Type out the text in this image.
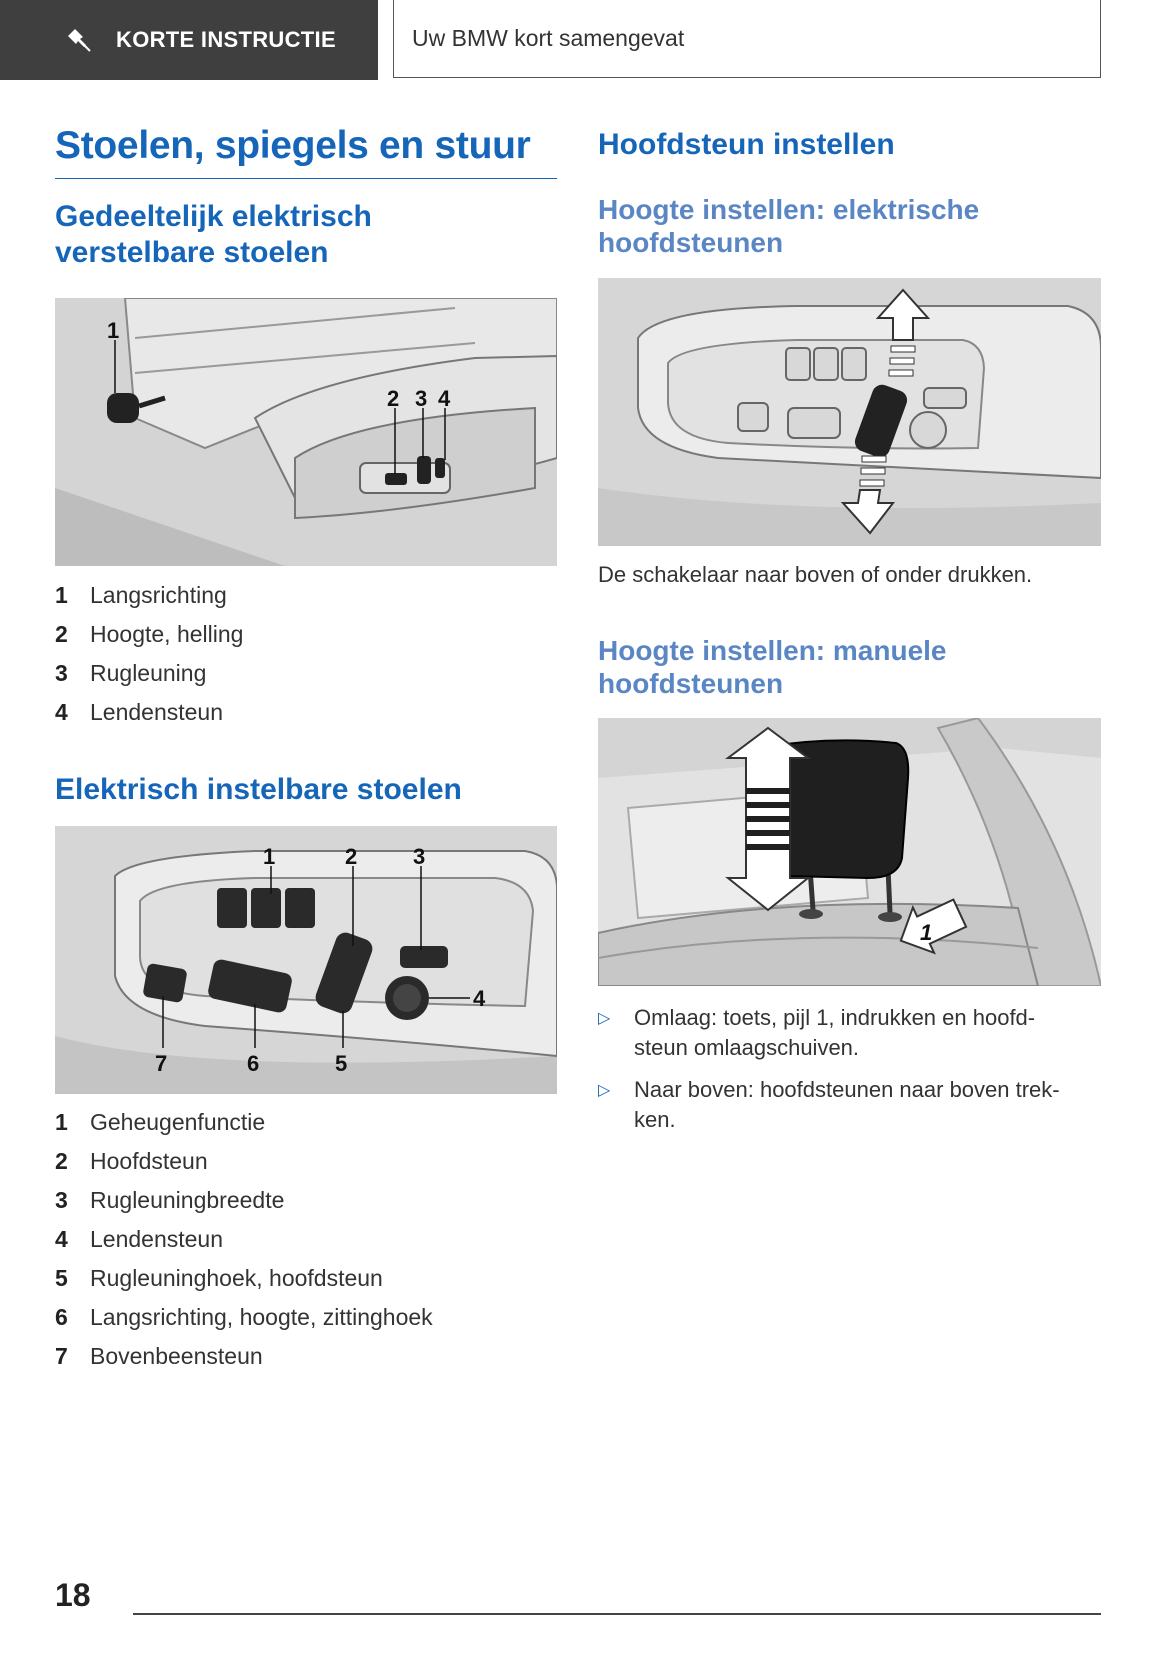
KORTE INSTRUCTIE	Uw BMW kort samengevat
Stoelen, spiegels en stuur
Gedeeltelijk elektrisch
verstelbare stoelen
1
2 3 4
1 Langsrichting
2 Hoogte, helling
3 Rugleuning
4 Lendensteun
Elektrisch instelbare stoelen
1	2	3
4
5
6
7
1 Geheugenfunctie
2 Hoofdsteun
3 Rugleuningbreedte
4 Lendensteun
5 Rugleuninghoek, hoofdsteun
6 Langsrichting, hoogte, zittinghoek
7 Bovenbeensteun
Hoofdsteun instellen
Hoogte instellen: elektrische
hoofdsteunen
De schakelaar naar boven of onder drukken.
Hoogte instellen: manuele
hoofdsteunen
1
▷	Omlaag: toets, pijl 1, indrukken en hoofd-
steun omlaagschuiven.
▷	Naar boven: hoofdsteunen naar boven trek-
ken.
18
